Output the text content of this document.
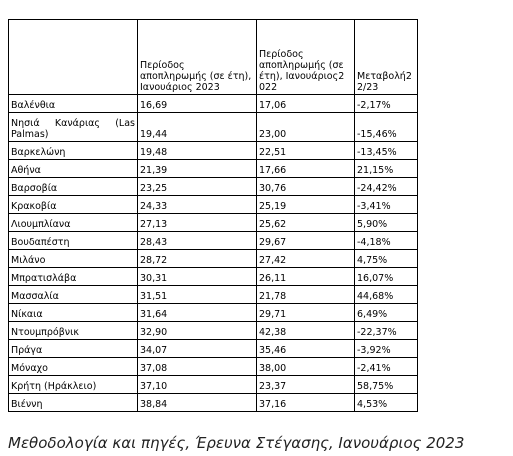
	Περίοδος αποπληρωμής (σε έτη), Ιανουάριος 2023	Περίοδος αποπληρωμής (σε έτη), Ιανουάριος2 022	Μεταβολή2 2/23
Βαλένθια	16,69	17,06	-2,17%
Νησιά Κανάριας (Las Palmas)	19,44	23,00	-15,46%
Βαρκελώνη	19,48	22,51	-13,45%
Αθήνα	21,39	17,66	21,15%
Βαρσοβία	23,25	30,76	-24,42%
Κρακοβία	24,33	25,19	-3,41%
Λιουμπλίανα	27,13	25,62	5,90%
Βουδαπέστη	28,43	29,67	-4,18%
Μιλάνο	28,72	27,42	4,75%
Μπρατισλάβα	30,31	26,11	16,07%
Μασσαλία	31,51	21,78	44,68%
Νίκαια	31,64	29,71	6,49%
Ντουμπρόβνικ	32,90	42,38	-22,37%
Πράγα	34,07	35,46	-3,92%
Μόναχο	37,08	38,00	-2,41%
Κρήτη (Ηράκλειο)	37,10	23,37	58,75%
Βιέννη	38,84	37,16	4,53%
Μεθοδολογία και πηγές, Έρευνα Στέγασης, Ιανουάριος 2023
